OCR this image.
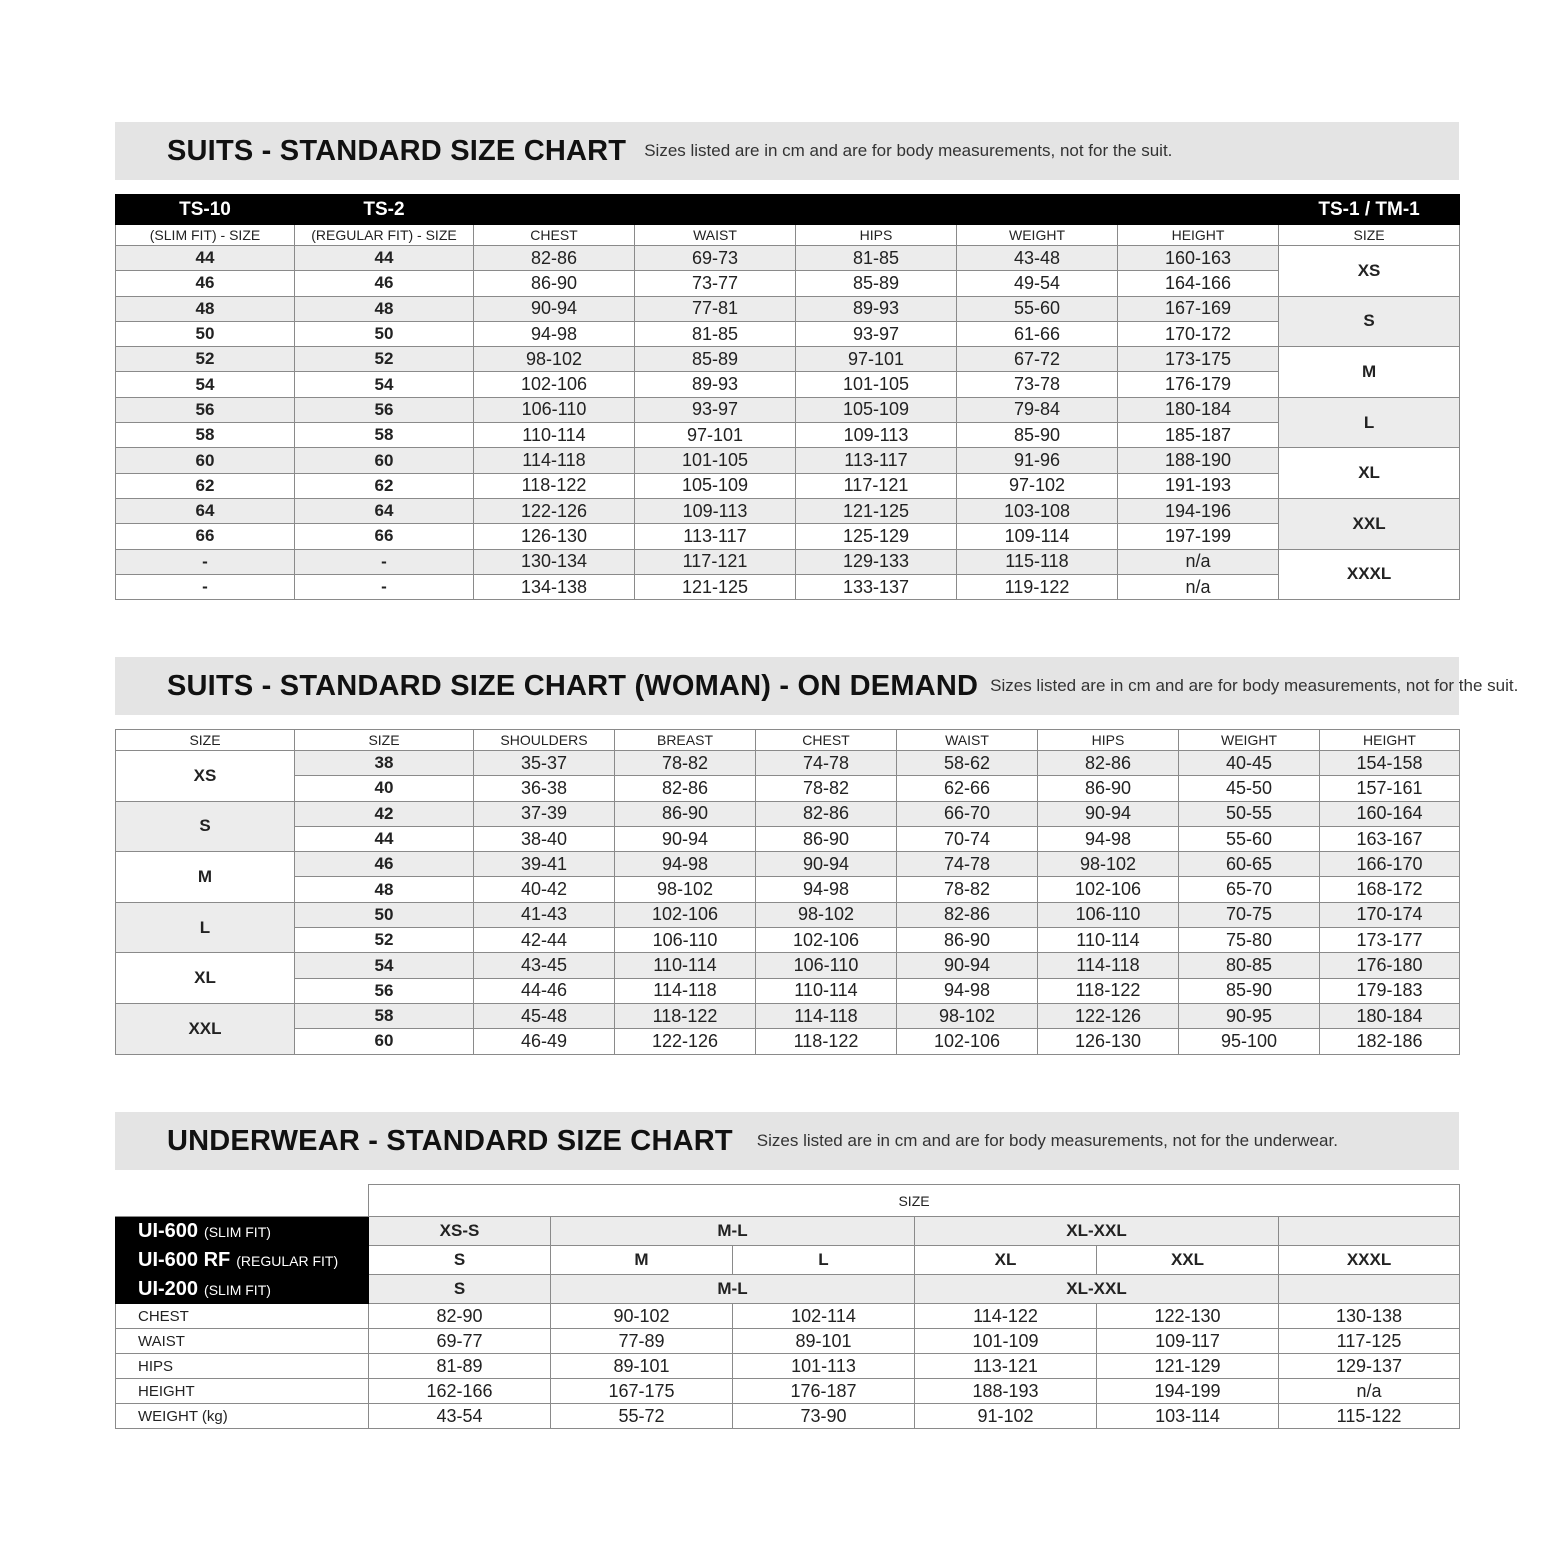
SUITS - STANDARD SIZE CHART Sizes listed are in cm and are for body measurements, not for the suit.
TS-10	TS-2						TS-1 / TM-1
(SLIM FIT) - SIZE	(REGULAR FIT) - SIZE	CHEST	WAIST	HIPS	WEIGHT	HEIGHT	SIZE
44	44	82-86	69-73	81-85	43-48	160-163	XS
46	46	86-90	73-77	85-89	49-54	164-166	
48	48	90-94	77-81	89-93	55-60	167-169	S
50	50	94-98	81-85	93-97	61-66	170-172	
52	52	98-102	85-89	97-101	67-72	173-175	M
54	54	102-106	89-93	101-105	73-78	176-179	
56	56	106-110	93-97	105-109	79-84	180-184	L
58	58	110-114	97-101	109-113	85-90	185-187	
60	60	114-118	101-105	113-117	91-96	188-190	XL
62	62	118-122	105-109	117-121	97-102	191-193	
64	64	122-126	109-113	121-125	103-108	194-196	XXL
66	66	126-130	113-117	125-129	109-114	197-199	
-	-	130-134	117-121	129-133	115-118	n/a	XXXL
-	-	134-138	121-125	133-137	119-122	n/a	
SUITS - STANDARD SIZE CHART (WOMAN) - ON DEMAND Sizes listed are in cm and are for body measurements, not for the suit.
SIZE	SIZE	SHOULDERS	BREAST	CHEST	WAIST	HIPS	WEIGHT	HEIGHT
XS	38	35-37	78-82	74-78	58-62	82-86	40-45	154-158
	40	36-38	82-86	78-82	62-66	86-90	45-50	157-161
S	42	37-39	86-90	82-86	66-70	90-94	50-55	160-164
	44	38-40	90-94	86-90	70-74	94-98	55-60	163-167
M	46	39-41	94-98	90-94	74-78	98-102	60-65	166-170
	48	40-42	98-102	94-98	78-82	102-106	65-70	168-172
L	50	41-43	102-106	98-102	82-86	106-110	70-75	170-174
	52	42-44	106-110	102-106	86-90	110-114	75-80	173-177
XL	54	43-45	110-114	106-110	90-94	114-118	80-85	176-180
	56	44-46	114-118	110-114	94-98	118-122	85-90	179-183
XXL	58	45-48	118-122	114-118	98-102	122-126	90-95	180-184
	60	46-49	122-126	118-122	102-106	126-130	95-100	182-186
UNDERWEAR - STANDARD SIZE CHART Sizes listed are in cm and are for body measurements, not for the underwear.
	SIZE					
UI-600 (SLIM FIT)	XS-S	M-L		XL-XXL		
UI-600 RF (REGULAR FIT)	S	M	L	XL	XXL	XXXL
UI-200 (SLIM FIT)	S	M-L		XL-XXL		
CHEST	82-90	90-102	102-114	114-122	122-130	130-138
WAIST	69-77	77-89	89-101	101-109	109-117	117-125
HIPS	81-89	89-101	101-113	113-121	121-129	129-137
HEIGHT	162-166	167-175	176-187	188-193	194-199	n/a
WEIGHT (kg)	43-54	55-72	73-90	91-102	103-114	115-122
